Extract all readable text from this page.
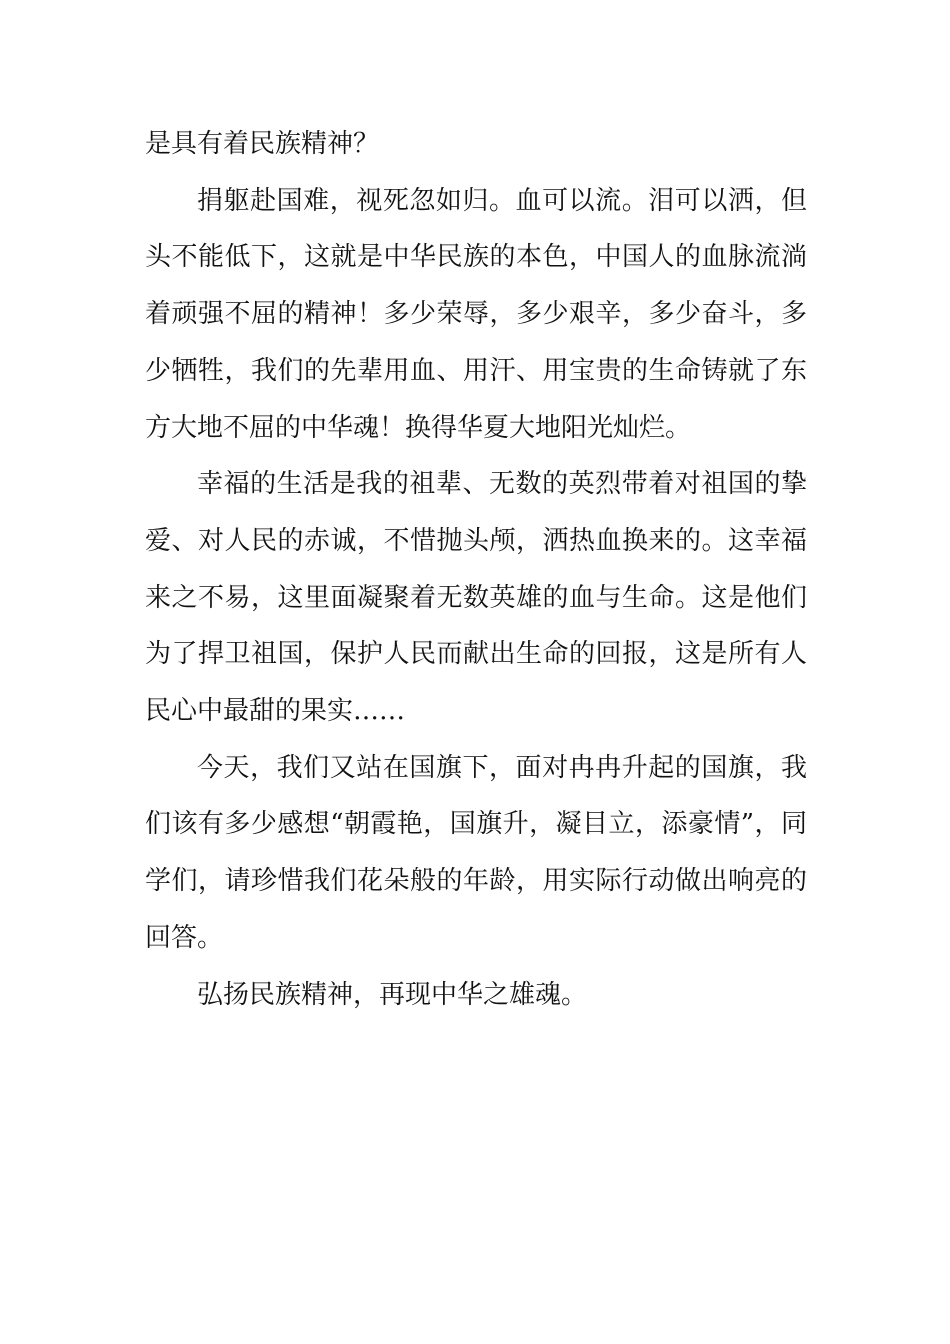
是具有着民族精神？

捐躯赴国难，视死忽如归。血可以流。泪可以洒，但头不能低下，这就是中华民族的本色，中国人的血脉流淌着顽强不屈的精神！多少荣辱，多少艰辛，多少奋斗，多少牺牲，我们的先辈用血、用汗、用宝贵的生命铸就了东方大地不屈的中华魂！换得华夏大地阳光灿烂。

幸福的生活是我的祖辈、无数的英烈带着对祖国的挚爱、对人民的赤诚，不惜抛头颅，洒热血换来的。这幸福来之不易，这里面凝聚着无数英雄的血与生命。这是他们为了捍卫祖国，保护人民而献出生命的回报，这是所有人民心中最甜的果实……

今天，我们又站在国旗下，面对冉冉升起的国旗，我们该有多少感想“朝霞艳，国旗升，凝目立，添豪情”，同学们，请珍惜我们花朵般的年龄，用实际行动做出响亮的回答。

弘扬民族精神，再现中华之雄魂。
